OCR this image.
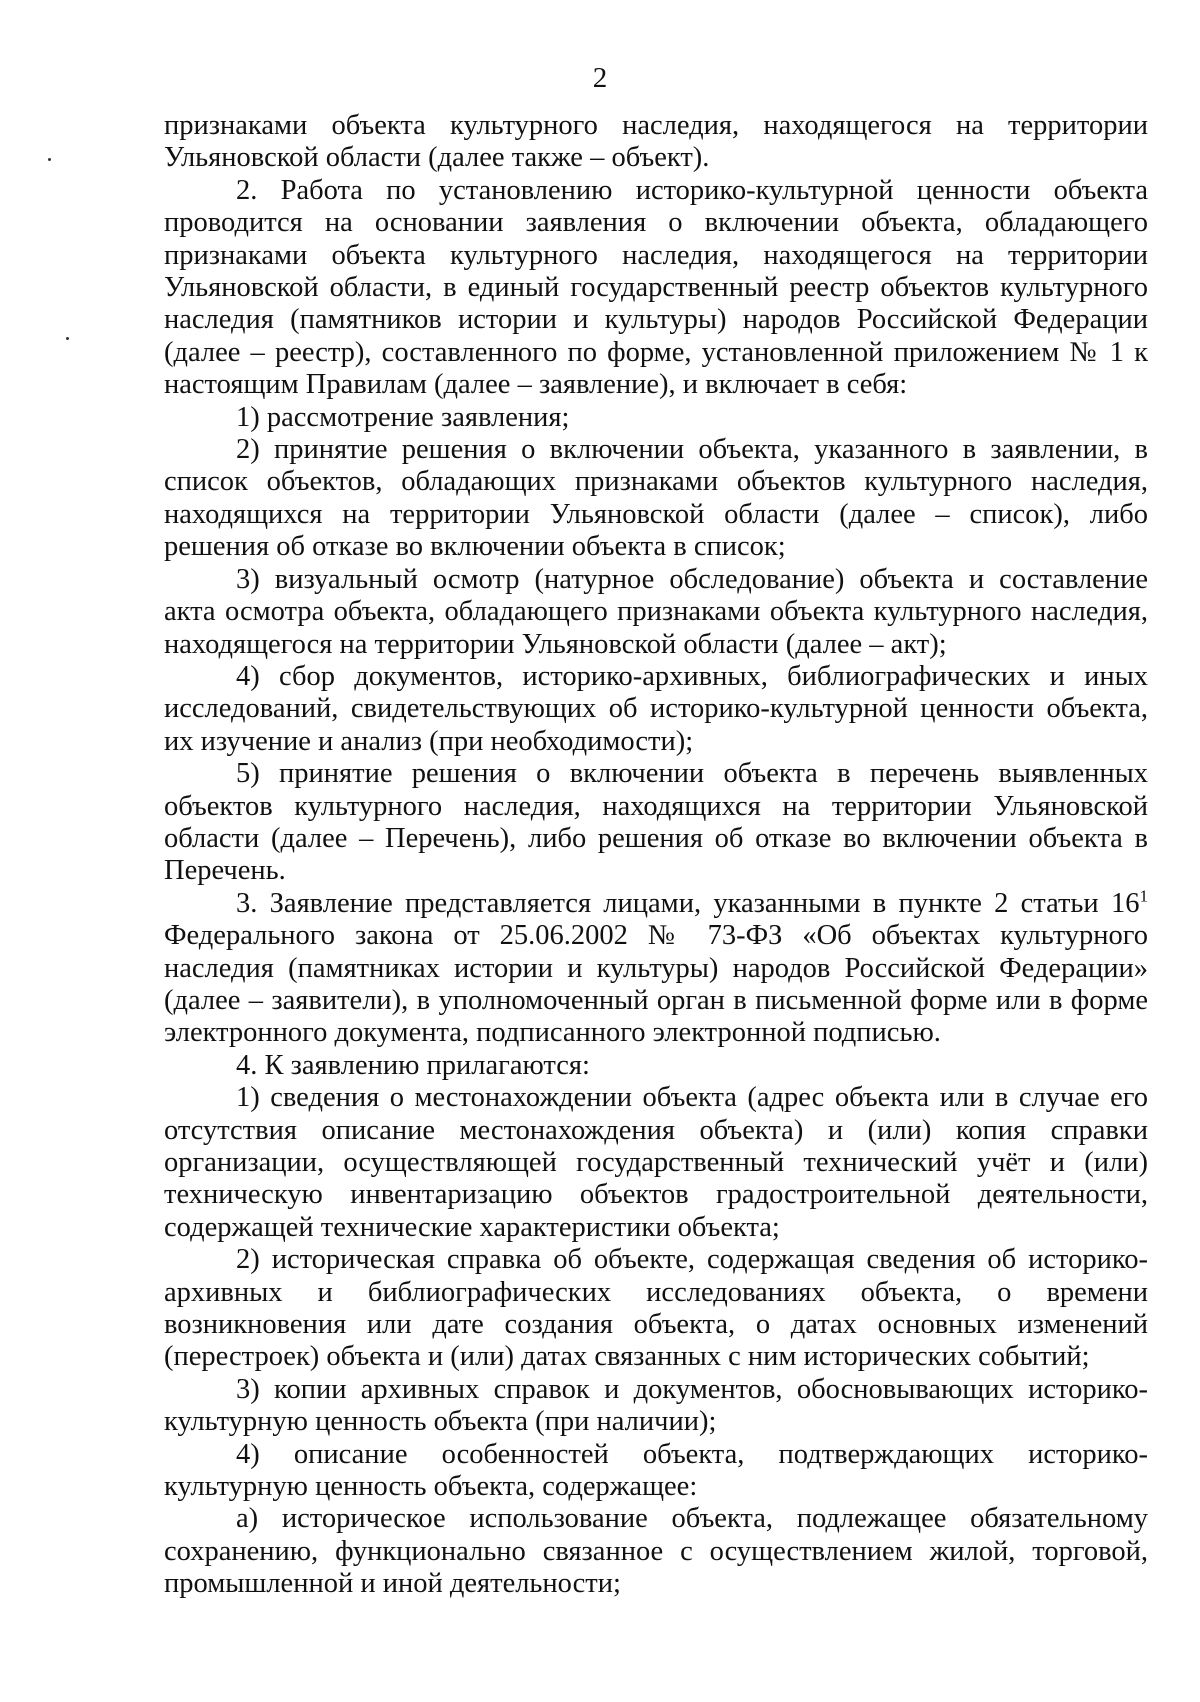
2

признаками объекта культурного наследия, находящегося на территории Ульяновской области (далее также – объект).

2. Работа по установлению историко-культурной ценности объекта проводится на основании заявления о включении объекта, обладающего признаками объекта культурного наследия, находящегося на территории Ульяновской области, в единый государственный реестр объектов культурного наследия (памятников истории и культуры) народов Российской Федерации (далее – реестр), составленного по форме, установленной приложением № 1 к настоящим Правилам (далее – заявление), и включает в себя:

1) рассмотрение заявления;

2) принятие решения о включении объекта, указанного в заявлении, в список объектов, обладающих признаками объектов культурного наследия, находящихся на территории Ульяновской области (далее – список), либо решения об отказе во включении объекта в список;

3) визуальный осмотр (натурное обследование) объекта и составление акта осмотра объекта, обладающего признаками объекта культурного наследия, находящегося на территории Ульяновской области (далее – акт);

4) сбор документов, историко-архивных, библиографических и иных исследований, свидетельствующих об историко-культурной ценности объекта, их изучение и анализ (при необходимости);

5) принятие решения о включении объекта в перечень выявленных объектов культурного наследия, находящихся на территории Ульяновской области (далее – Перечень), либо решения об отказе во включении объекта в Перечень.

3. Заявление представляется лицами, указанными в пункте 2 статьи $16^1$ Федерального закона от 25.06.2002 № 73-ФЗ «Об объектах культурного наследия (памятниках истории и культуры) народов Российской Федерации» (далее – заявители), в уполномоченный орган в письменной форме или в форме электронного документа, подписанного электронной подписью.

4. К заявлению прилагаются:

1) сведения о местонахождении объекта (адрес объекта или в случае его отсутствия описание местонахождения объекта) и (или) копия справки организации, осуществляющей государственный технический учёт и (или) техническую инвентаризацию объектов градостроительной деятельности, содержащей технические характеристики объекта;

2) историческая справка об объекте, содержащая сведения об историко-архивных и библиографических исследованиях объекта, о времени возникновения или дате создания объекта, о датах основных изменений (перестроек) объекта и (или) датах связанных с ним исторических событий;

3) копии архивных справок и документов, обосновывающих историко-культурную ценность объекта (при наличии);

4) описание особенностей объекта, подтверждающих историко-культурную ценность объекта, содержащее:

а) историческое использование объекта, подлежащее обязательному сохранению, функционально связанное с осуществлением жилой, торговой, промышленной и иной деятельности;
